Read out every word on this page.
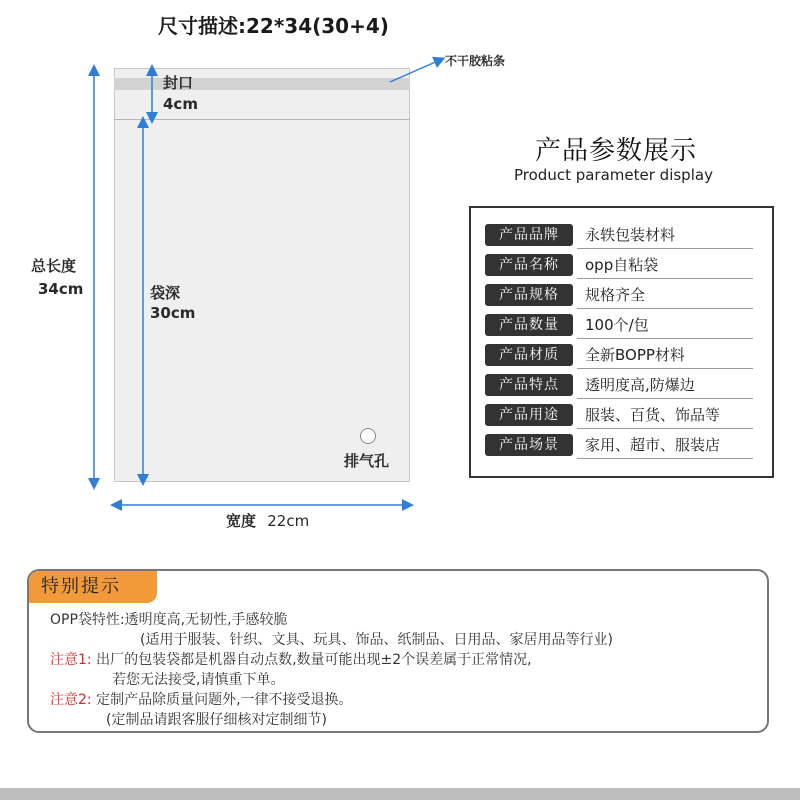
尺寸描述:22*34(30+4)
不干胶粘条
封口
4cm
总长度
34cm	袋深
30cm
排气孔
宽度 22cm
产品参数展示
Product parameter display
产品品牌	永轶包装材料
产品名称	opp自粘袋
产品规格	规格齐全
产品数量	100个/包
产品材质	全新BOPP材料
产品特点	透明度高,防爆边
产品用途	服装、百货、饰品等
产品场景	家用、超市、服装店
特别提示
OPP袋特性:透明度高,无韧性,手感较脆
(适用于服装、针织、文具、玩具、饰品、纸制品、日用品、家居用品等行业)
注意1: 出厂的包装袋都是机器自动点数,数量可能出现±2个误差属于正常情况,
若您无法接受,请慎重下单。
注意2: 定制产品除质量问题外,一律不接受退换。
(定制品请跟客服仔细核对定制细节)
